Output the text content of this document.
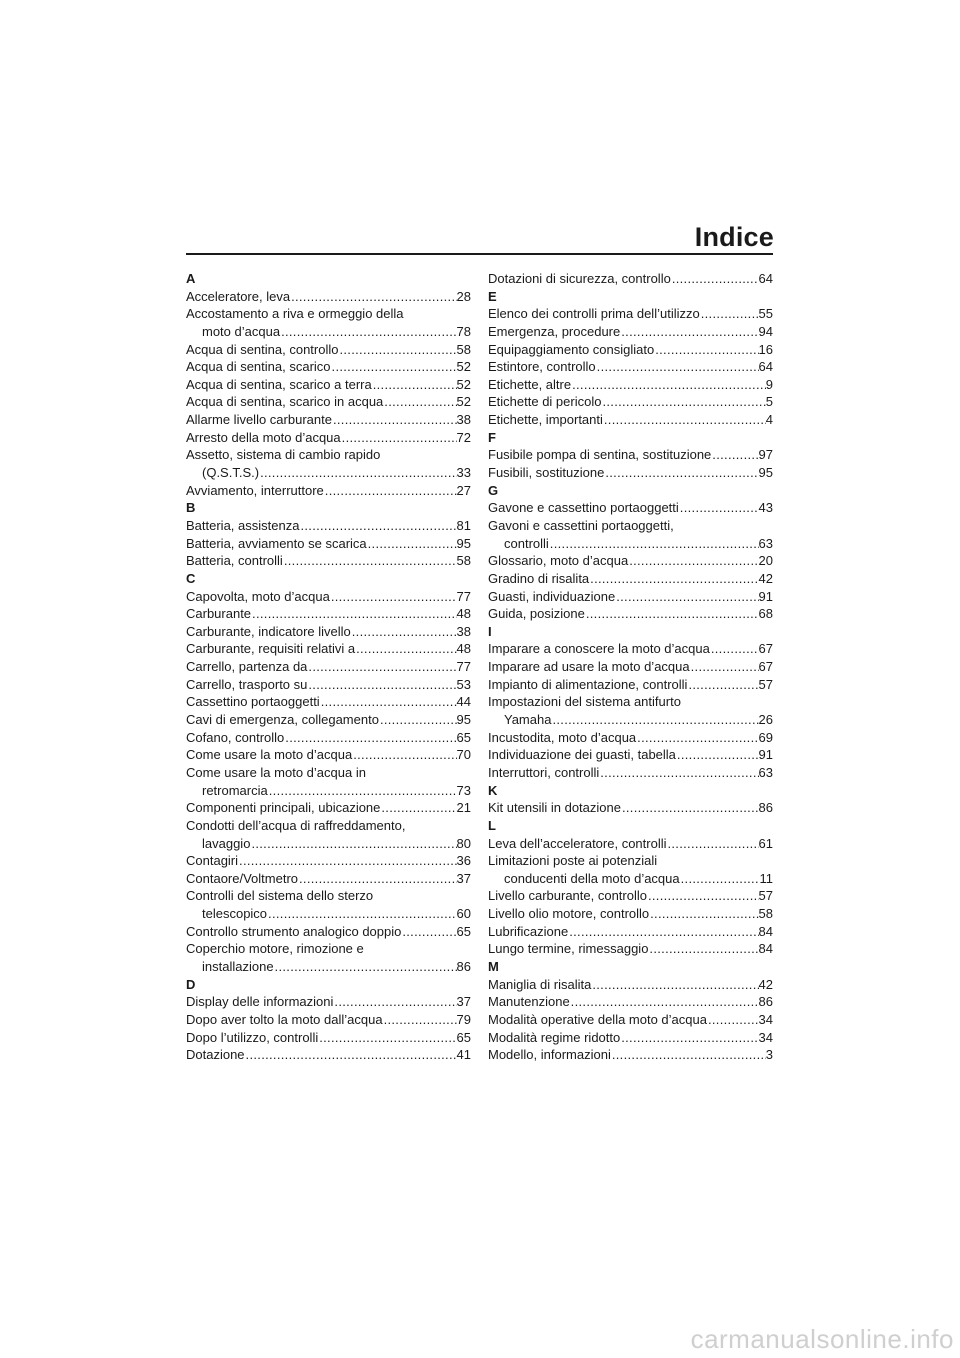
Indice
A
Acceleratore, leva .....	28
Accostamento a riva e ormeggio della
moto d’acqua .....	78
Acqua di sentina, controllo .....	58
Acqua di sentina, scarico .....	52
Acqua di sentina, scarico a terra .....	52
Acqua di sentina, scarico in acqua .....	52
Allarme livello carburante .....	38
Arresto della moto d’acqua .....	72
Assetto, sistema di cambio rapido
(Q.S.T.S.) .....	33
Avviamento, interruttore .....	27
B
Batteria, assistenza .....	81
Batteria, avviamento se scarica .....	95
Batteria, controlli .....	58
C
Capovolta, moto d’acqua .....	77
Carburante .....	48
Carburante, indicatore livello .....	38
Carburante, requisiti relativi a .....	48
Carrello, partenza da .....	77
Carrello, trasporto su .....	53
Cassettino portaoggetti .....	44
Cavi di emergenza, collegamento .....	95
Cofano, controllo .....	65
Come usare la moto d’acqua .....	70
Come usare la moto d’acqua in
retromarcia .....	73
Componenti principali, ubicazione .....	21
Condotti dell’acqua di raffreddamento,
lavaggio .....	80
Contagiri .....	36
Contaore/Voltmetro .....	37
Controlli del sistema dello sterzo
telescopico .....	60
Controllo strumento analogico doppio .....	65
Coperchio motore, rimozione e
installazione .....	86
D
Display delle informazioni .....	37
Dopo aver tolto la moto dall’acqua .....	79
Dopo l’utilizzo, controlli .....	65
Dotazione .....	41
Dotazioni di sicurezza, controllo .....	64
E
Elenco dei controlli prima dell’utilizzo .....	55
Emergenza, procedure .....	94
Equipaggiamento consigliato .....	16
Estintore, controllo .....	64
Etichette, altre .....	9
Etichette di pericolo .....	5
Etichette, importanti .....	4
F
Fusibile pompa di sentina, sostituzione .....	97
Fusibili, sostituzione .....	95
G
Gavone e cassettino portaoggetti .....	43
Gavoni e cassettini portaoggetti,
controlli .....	63
Glossario, moto d’acqua .....	20
Gradino di risalita .....	42
Guasti, individuazione .....	91
Guida, posizione .....	68
I
Imparare a conoscere la moto d’acqua .....	67
Imparare ad usare la moto d’acqua .....	67
Impianto di alimentazione, controlli .....	57
Impostazioni del sistema antifurto
Yamaha .....	26
Incustodita, moto d’acqua .....	69
Individuazione dei guasti, tabella .....	91
Interruttori, controlli .....	63
K
Kit utensili in dotazione .....	86
L
Leva dell’acceleratore, controlli .....	61
Limitazioni poste ai potenziali
conducenti della moto d’acqua .....	11
Livello carburante, controllo .....	57
Livello olio motore, controllo .....	58
Lubrificazione .....	84
Lungo termine, rimessaggio .....	84
M
Maniglia di risalita .....	42
Manutenzione .....	86
Modalità operative della moto d’acqua .....	34
Modalità regime ridotto .....	34
Modello, informazioni .....	3
carmanualsonline.info
